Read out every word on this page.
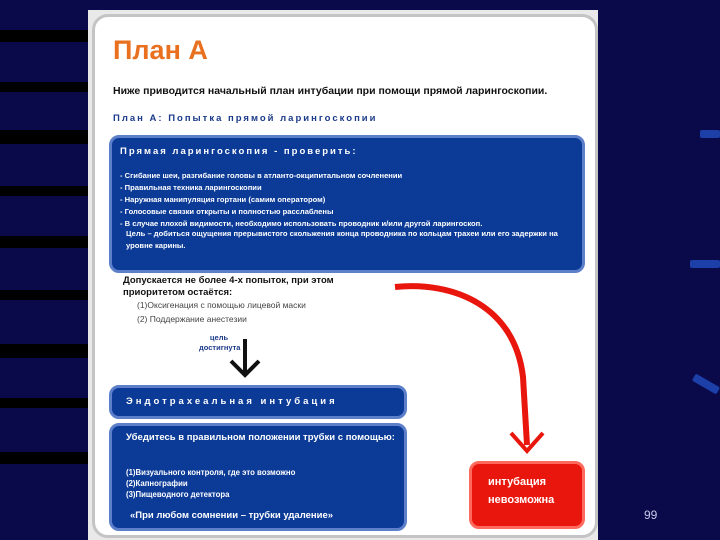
План А
Ниже приводится начальный план интубации при помощи прямой ларингоскопии.
План А: Попытка прямой ларингоскопии
Прямая ларингоскопия - проверить:
- Сгибание шеи, разгибание головы в атланто-окципитальном сочленении
- Правильная техника ларингоскопии
- Наружная манипуляция гортани (самим оператором)
- Голосовые связки открыты и полностью расслаблены
- В случае плохой видимости, необходимо использовать проводник и/или другой ларингоскоп.
Цель – добиться ощущения прерывистого скольжения конца проводника по кольцам трахеи или его задержки на уровне карины.
Допускается не более 4-х попыток, при этом
приоритетом остаётся:
(1)Оксигенация с помощью лицевой маски
(2) Поддержание анестезии
цель
достигнута
Эндотрахеальная интубация
Убедитесь в правильном положении трубки с помощью:
(1)Визуального контроля, где это возможно
(2)Капнографии
(3)Пищеводного детектора
«При любом сомнении – трубки удаление»
интубация
невозможна
99
